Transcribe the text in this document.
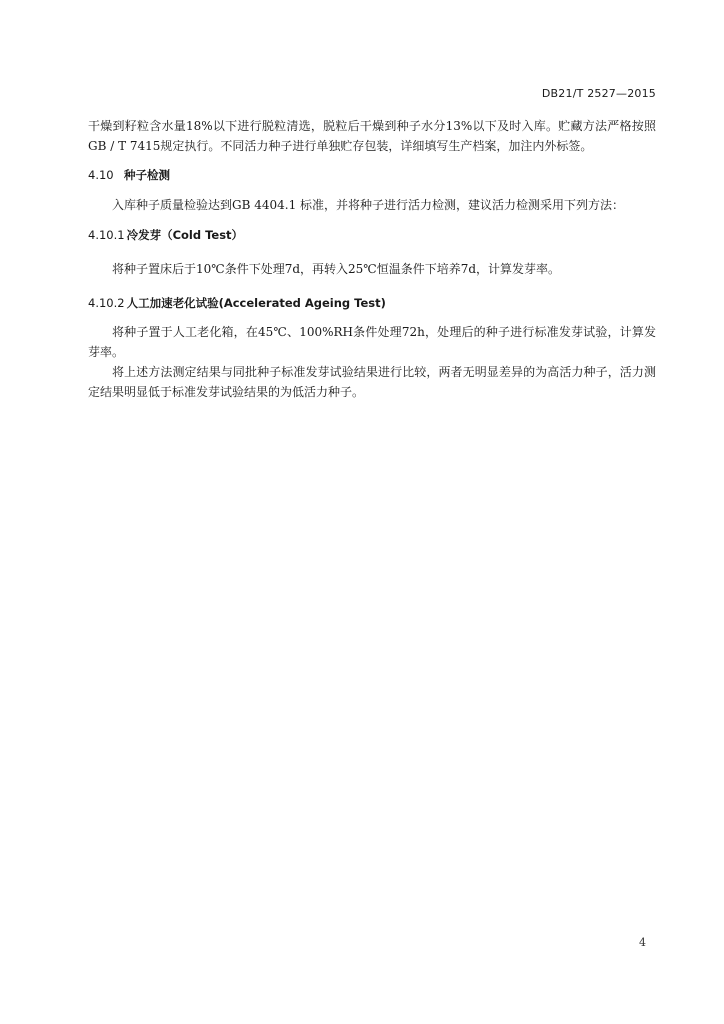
DB21/T 2527—2015

干燥到籽粒含水量18%以下进行脱粒清选，脱粒后干燥到种子水分13%以下及时入库。贮藏方法严格按照GB / T 7415规定执行。不同活力种子进行单独贮存包装，详细填写生产档案，加注内外标签。

4.10 种子检测

入库种子质量检验达到GB 4404.1 标准，并将种子进行活力检测，建议活力检测采用下列方法：

4.10.1 冷发芽（Cold Test）

将种子置床后于10℃条件下处理7d，再转入25℃恒温条件下培养7d，计算发芽率。

4.10.2 人工加速老化试验(Accelerated Ageing Test)

将种子置于人工老化箱，在45℃、100%RH条件处理72h，处理后的种子进行标准发芽试验，计算发芽率。

将上述方法测定结果与同批种子标准发芽试验结果进行比较，两者无明显差异的为高活力种子，活力测定结果明显低于标准发芽试验结果的为低活力种子。

4
